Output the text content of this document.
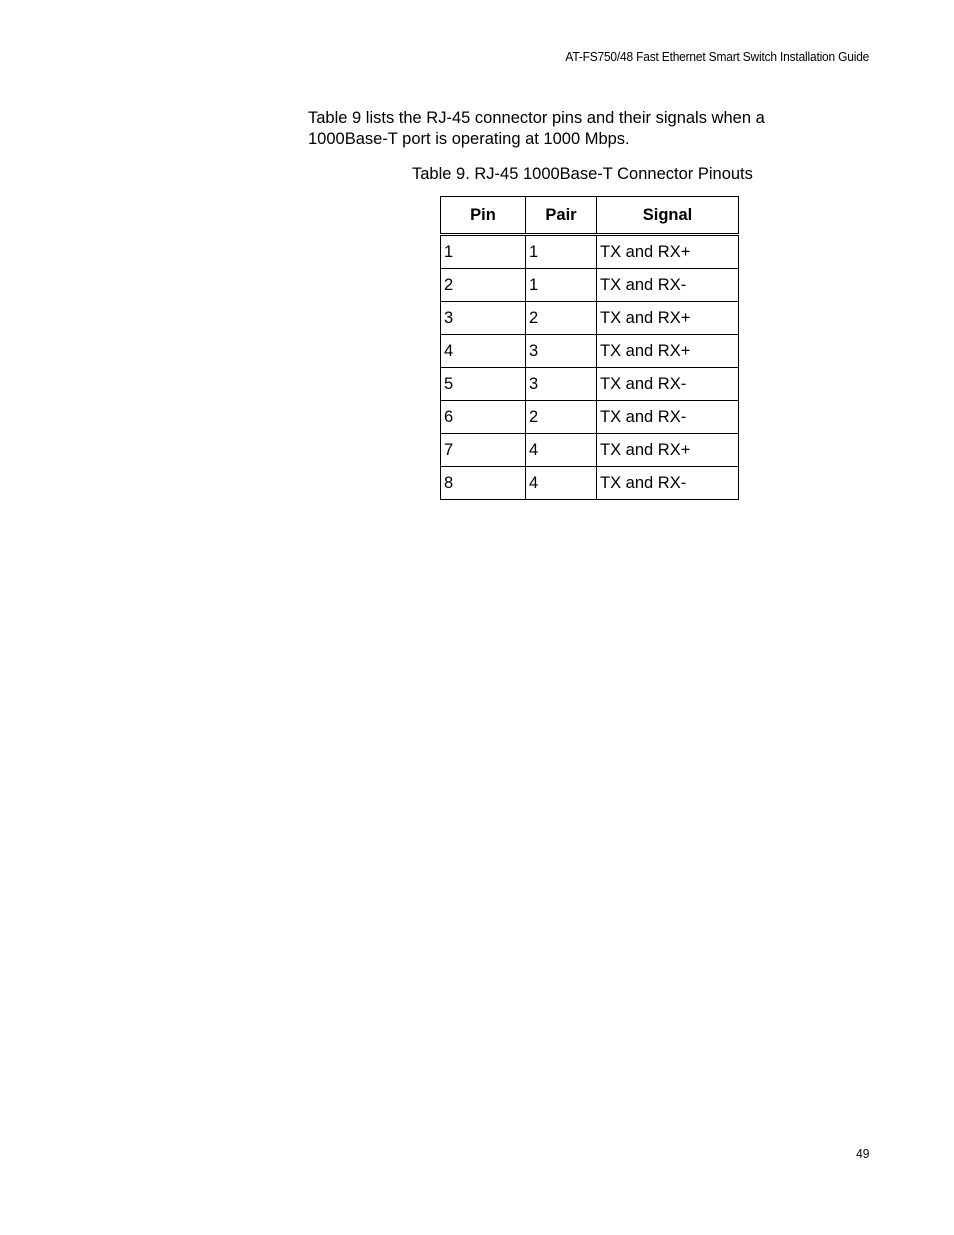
AT-FS750/48 Fast Ethernet Smart Switch Installation Guide

Table 9 lists the RJ-45 connector pins and their signals when a 1000Base-T port is operating at 1000 Mbps.

Table 9. RJ-45 1000Base-T Connector Pinouts
Pin	Pair	Signal
1	1	TX and RX+
2	1	TX and RX-
3	2	TX and RX+
4	3	TX and RX+
5	3	TX and RX-
6	2	TX and RX-
7	4	TX and RX+
8	4	TX and RX-
49
